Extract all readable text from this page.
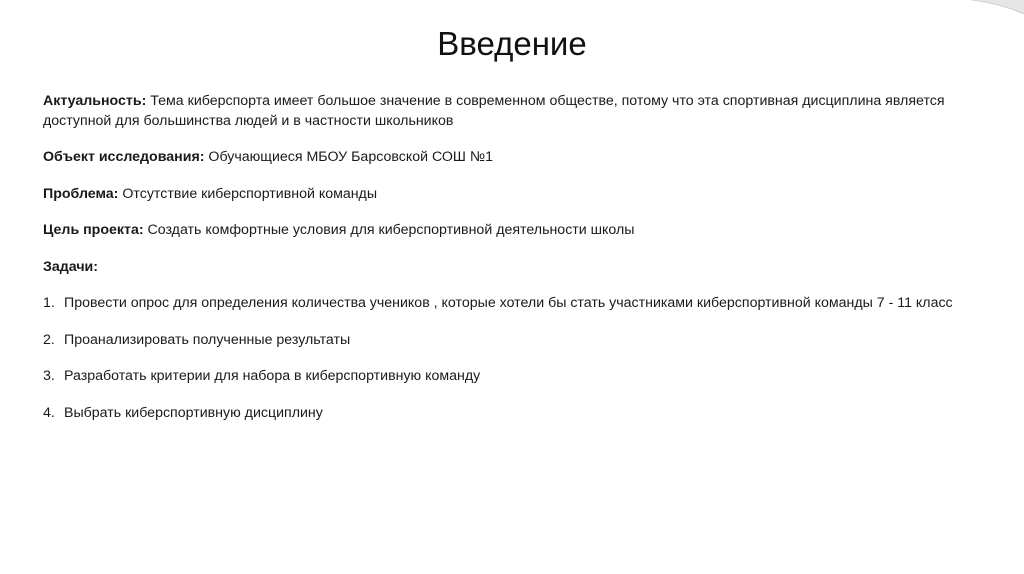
Введение

Актуальность: Тема киберспорта имеет большое значение в современном обществе, потому что эта спортивная дисциплина является доступной для большинства людей и в частности школьников

Объект исследования: Обучающиеся МБОУ Барсовской СОШ №1

Проблема: Отсутствие киберспортивной команды

Цель проекта: Создать комфортные условия для киберспортивной деятельности школы

Задачи:

1. Провести опрос для определения количества учеников , которые хотели бы стать участниками киберспортивной команды 7 - 11 класс

2. Проанализировать полученные результаты

3. Разработать критерии для набора в киберспортивную команду

4. Выбрать киберспортивную дисциплину
